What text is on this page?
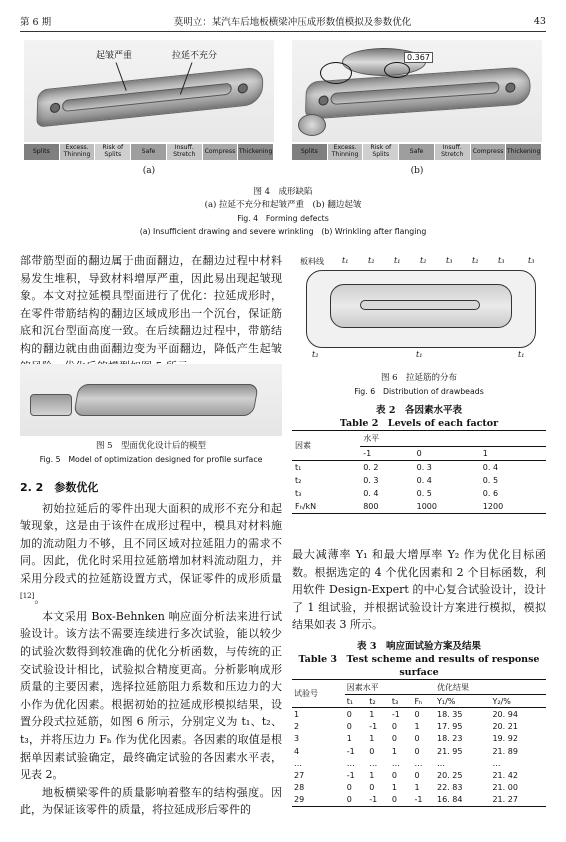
第 6 期	莫明立：某汽车后地板横梁冲压成形数值模拟及参数优化	43
起皱严重	拉延不充分
Splits	Excess. Thinning
Risk of Splits	Safe	Insuff. Stretch	Compress Thickening
(a)
0.367
Splits	Excess. Thinning
Risk of Splits	Safe	Insuff. Stretch	Compress Thickening
(b)
图 4　成形缺陷
(a) 拉延不充分和起皱严重　(b) 翻边起皱
Fig. 4　Forming defects
(a) Insufficient drawing and severe wrinkling　(b) Wrinkling after flanging
部带筋型面的翻边属于曲面翻边，在翻边过程中材料易发生堆积，导致材料增厚严重，因此易出现起皱现象。本文对拉延模具型面进行了优化：拉延成形时，在零件带筋结构的翻边区域成形出一个沉台，保证筋底和沉台型面高度一致。在后续翻边过程中，带筋结构的翻边就由曲面翻边变为平面翻边，降低产生起皱
图 5　型面优化设计后的模型
Fig. 5　Model of optimization designed for profile surface
2. 2　参数优化

初始拉延后的零件出现大面积的成形不充分和起皱现象，这是由于该件在成形过程中，模具对材料施加的流动阻力不够，且不同区域对拉延阻力的需求不同。因此，优化时采用拉延筋增加材料流动阻力，并采用分段式的拉延筋设置方式，保证零件的成形质量[12]。

本文采用 Box-Behnken 响应面分析法来进行试验设计。该方法不需要连续进行多次试验，能以较少的试验次数得到较准确的优化分析函数，与传统的正交试验设计相比，试验拟合精度更高。分析影响成形质量的主要因素，选择拉延筋阻力系数和压边力的大小作为优化因素。根据初始的拉延成形模拟结果，设置分段式拉延筋，如图 6 所示，分别定义为 t₁、t₂、t₃，并将压边力 Fₕ 作为优化因素。各因素的取值是根据单因素试验确定，最终确定试验的各因素水平表，见表 2。

地板横梁零件的质量影响着整车的结构强度。因此，为保证该零件的质量，将拉延成形后零件的

板料线 t₁ t₂ t₁ t₂ t₃ t₂ t₃	t₃
t₂	t₁	t₁
图 6　拉延筋的分布
Fig. 6　Distribution of drawbeads
表 2　各因素水平表
Table 2　Levels of each factor
因素	水平		
	-1	0	1
t₁	0. 2	0. 3	0. 4
t₂	0. 3	0. 4	0. 5
t₃	0. 4	0. 5	0. 6
Fₕ/kN	800	1000	1200
最大减薄率 Y₁ 和最大增厚率 Y₂ 作为优化目标函数。根据选定的 4 个优化因素和 2 个目标函数，利用软件 Design-Expert 的中心复合试验设计，设计了 1 组试验，并根据试验设计方案进行模拟，模拟结果如表 3 所示。
表 3　响应面试验方案及结果
Table 3　Test scheme and results of response surface
试验号	因素水平				优化结果	
	t₁	t₂	t₃	Fₕ	Y₁/%	Y₂/%
1	0	1	-1	0	18. 35	20. 94
2	0	-1	0	1	17. 95	20. 21
3	1	1	0	0	18. 23	19. 92
4	-1	0	1	0	21. 95	21. 89
…	…	…	…	…	…	…
27	-1	1	0	0	20. 25	21. 42
28	0	0	1	1	22. 83	21. 00
29	0	-1	0	-1	16. 84	21. 27
